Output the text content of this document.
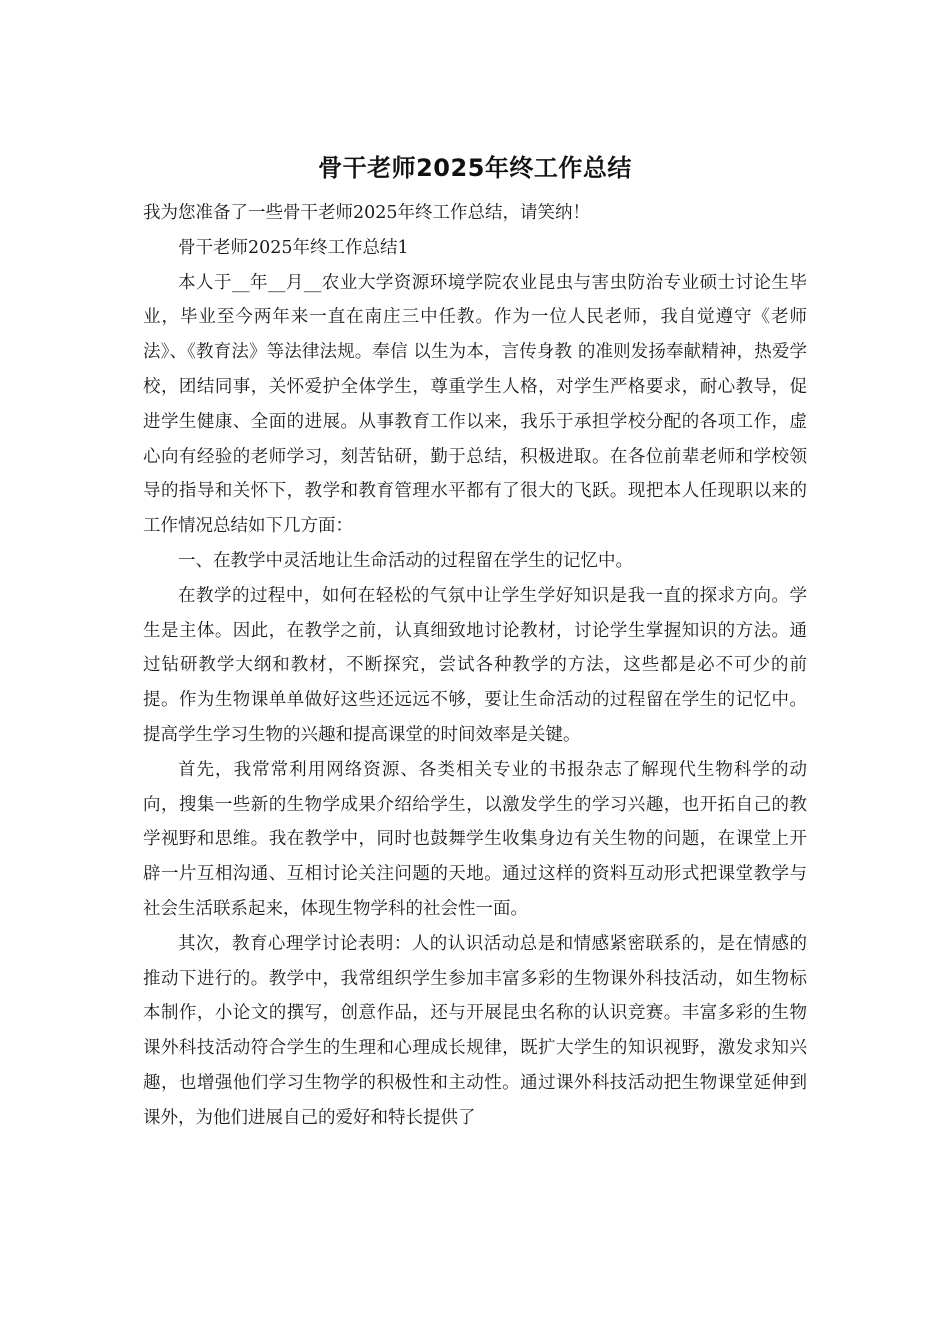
骨干老师2025年终工作总结

我为您准备了一些骨干老师2025年终工作总结，请笑纳！

骨干老师2025年终工作总结1

本人于__年__月__农业大学资源环境学院农业昆虫与害虫防治专业硕士讨论生毕业，毕业至今两年来一直在南庄三中任教。作为一位人民老师，我自觉遵守《老师法》、《教育法》等法律法规。奉信 以生为本，言传身教 的准则发扬奉献精神，热爱学校，团结同事，关怀爱护全体学生，尊重学生人格，对学生严格要求，耐心教导，促进学生健康、全面的进展。从事教育工作以来，我乐于承担学校分配的各项工作，虚心向有经验的老师学习，刻苦钻研，勤于总结，积极进取。在各位前辈老师和学校领导的指导和关怀下，教学和教育管理水平都有了很大的飞跃。现把本人任现职以来的工作情况总结如下几方面：

一、在教学中灵活地让生命活动的过程留在学生的记忆中。

在教学的过程中，如何在轻松的气氛中让学生学好知识是我一直的探求方向。学生是主体。因此，在教学之前，认真细致地讨论教材，讨论学生掌握知识的方法。通过钻研教学大纲和教材，不断探究，尝试各种教学的方法，这些都是必不可少的前提。作为生物课单单做好这些还远远不够，要让生命活动的过程留在学生的记忆中。提高学生学习生物的兴趣和提高课堂的时间效率是关键。

首先，我常常利用网络资源、各类相关专业的书报杂志了解现代生物科学的动向，搜集一些新的生物学成果介绍给学生，以激发学生的学习兴趣，也开拓自己的教学视野和思维。我在教学中，同时也鼓舞学生收集身边有关生物的问题，在课堂上开辟一片互相沟通、互相讨论关注问题的天地。通过这样的资料互动形式把课堂教学与社会生活联系起来，体现生物学科的社会性一面。

其次，教育心理学讨论表明：人的认识活动总是和情感紧密联系的，是在情感的推动下进行的。教学中，我常组织学生参加丰富多彩的生物课外科技活动，如生物标本制作，小论文的撰写，创意作品，还与开展昆虫名称的认识竞赛。丰富多彩的生物课外科技活动符合学生的生理和心理成长规律，既扩大学生的知识视野，激发求知兴趣，也增强他们学习生物学的积极性和主动性。通过课外科技活动把生物课堂延伸到课外，为他们进展自己的爱好和特长提供了
